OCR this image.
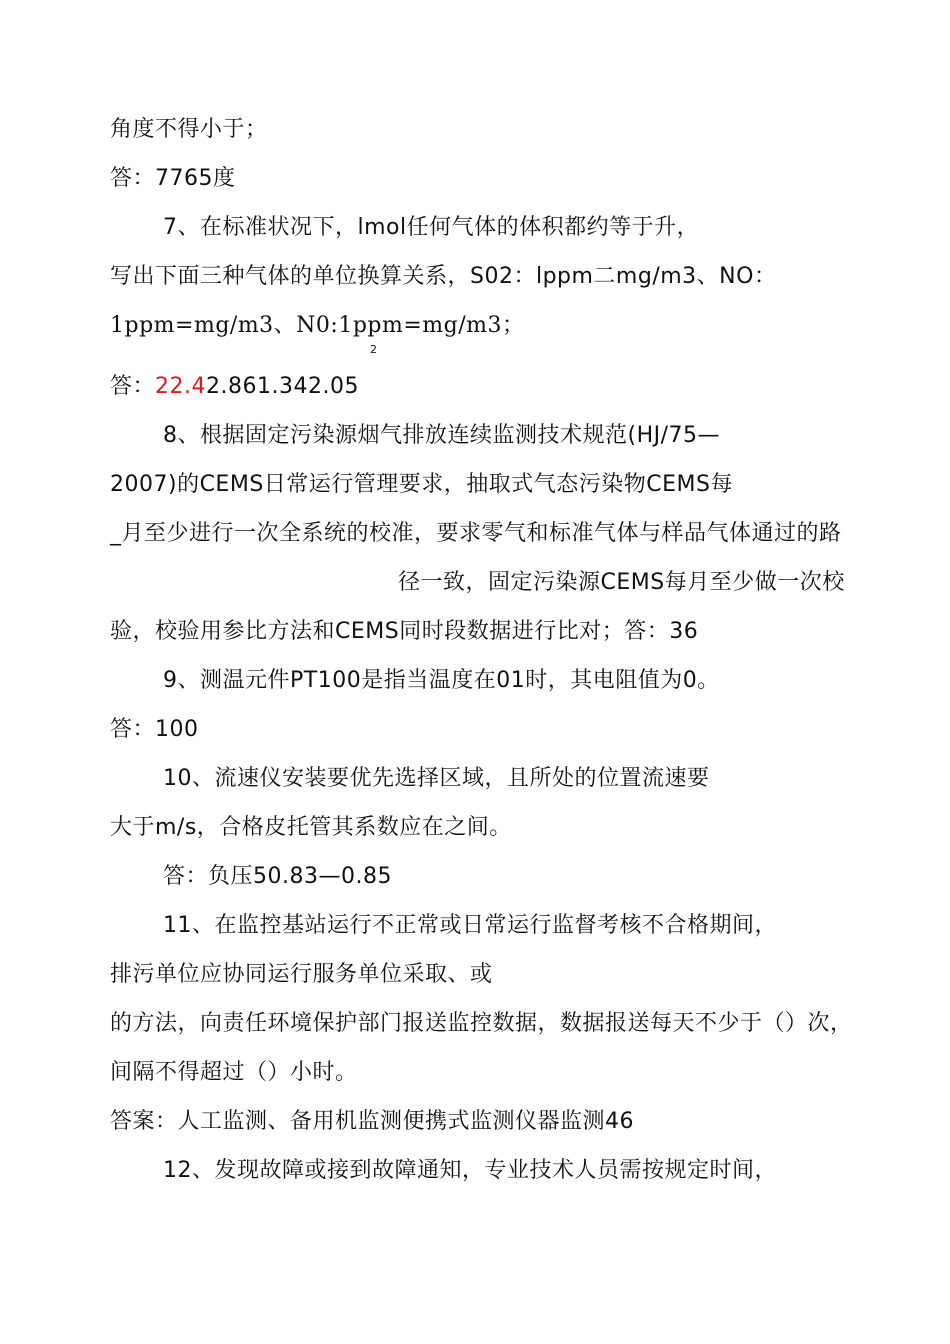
角度不得小于；
答：7765度
7、在标准状况下，lmol任何气体的体积都约等于升，
写出下面三种气体的单位换算关系，S02：lppm二mg/m3、NO：
1ppm=mg/m3、N0:1ppm=mg/m3；
2
答：22.42.861.342.05
8、根据固定污染源烟气排放连续监测技术规范(HJ/75—
2007)的CEMS日常运行管理要求，抽取式气态污染物CEMS每
_月至少进行一次全系统的校准，要求零气和标准气体与样品气体通过的路
径一致，固定污染源CEMS每月至少做一次校
验，校验用参比方法和CEMS同时段数据进行比对；答：36
9、测温元件PT100是指当温度在01时，其电阻值为0。
答：100
10、流速仪安装要优先选择区域，且所处的位置流速要
大于m/s，合格皮托管其系数应在之间。
答：负压50.83—0.85
11、在监控基站运行不正常或日常运行监督考核不合格期间，
排污单位应协同运行服务单位采取、或
的方法，向责任环境保护部门报送监控数据，数据报送每天不少于（）次，
间隔不得超过（）小时。
答案：人工监测、备用机监测便携式监测仪器监测46
12、发现故障或接到故障通知，专业技术人员需按规定时间，
